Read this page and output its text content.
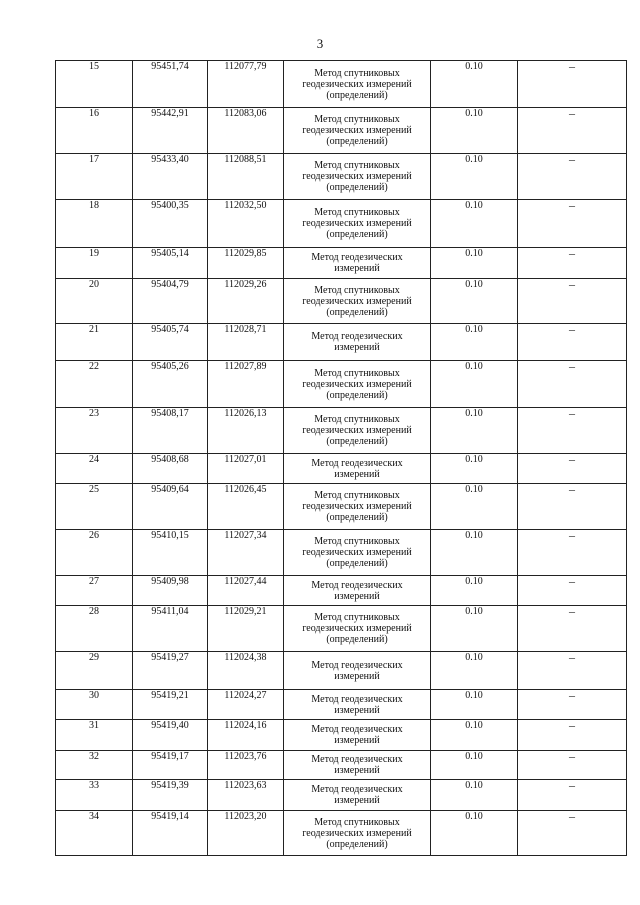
3
15	95451,74	112077,79	Метод спутниковых геодезических измерений (определений)	0.10	–
16	95442,91	112083,06	Метод спутниковых геодезических измерений (определений)	0.10	–
17	95433,40	112088,51	Метод спутниковых геодезических измерений (определений)	0.10	–
18	95400,35	112032,50	Метод спутниковых геодезических измерений (определений)	0.10	–
19	95405,14	112029,85	Метод геодезических измерений	0.10	–
20	95404,79	112029,26	Метод спутниковых геодезических измерений (определений)	0.10	–
21	95405,74	112028,71	Метод геодезических измерений	0.10	–
22	95405,26	112027,89	Метод спутниковых геодезических измерений (определений)	0.10	–
23	95408,17	112026,13	Метод спутниковых геодезических измерений (определений)	0.10	–
24	95408,68	112027,01	Метод геодезических измерений	0.10	–
25	95409,64	112026,45	Метод спутниковых геодезических измерений (определений)	0.10	–
26	95410,15	112027,34	Метод спутниковых геодезических измерений (определений)	0.10	–
27	95409,98	112027,44	Метод геодезических измерений	0.10	–
28	95411,04	112029,21	Метод спутниковых геодезических измерений (определений)	0.10	–
29	95419,27	112024,38	Метод геодезических измерений	0.10	–
30	95419,21	112024,27	Метод геодезических измерений	0.10	–
31	95419,40	112024,16	Метод геодезических измерений	0.10	–
32	95419,17	112023,76	Метод геодезических измерений	0.10	–
33	95419,39	112023,63	Метод геодезических измерений	0.10	–
34	95419,14	112023,20	Метод спутниковых геодезических измерений (определений)	0.10	–
